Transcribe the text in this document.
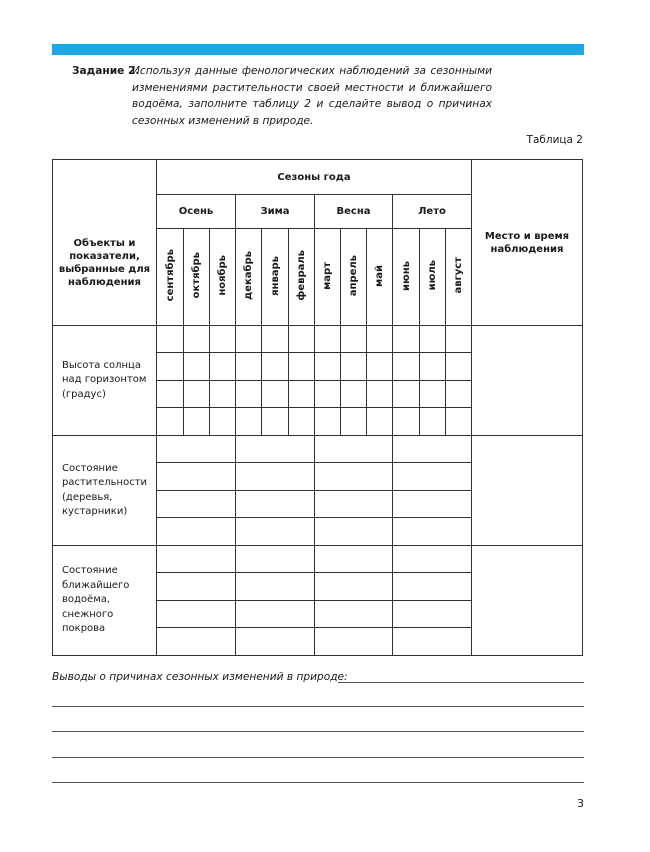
Задание 2.
Используя данные фенологических наблюдений за сезонными изменениями растительности своей местности и ближайшего водоёма, заполните таблицу 2 и сделайте вывод о причинах сезонных изменений в природе.
Таблица 2
Объекты и показатели, выбранные для наблюдения	Сезоны года												Место и время наблюдения
	Осень			Зима			Весна			Лето			
	сентябрь	октябрь	ноябрь	декабрь	январь	февраль	март	апрель	май	июнь	июль	август	
Высота солнца над горизонтом (градус)													

Состояние растительности (деревья, кустарники)													

Состояние ближайшего водоёма, снежного покрова													

Выводы о причинах сезонных изменений в природе:
3
